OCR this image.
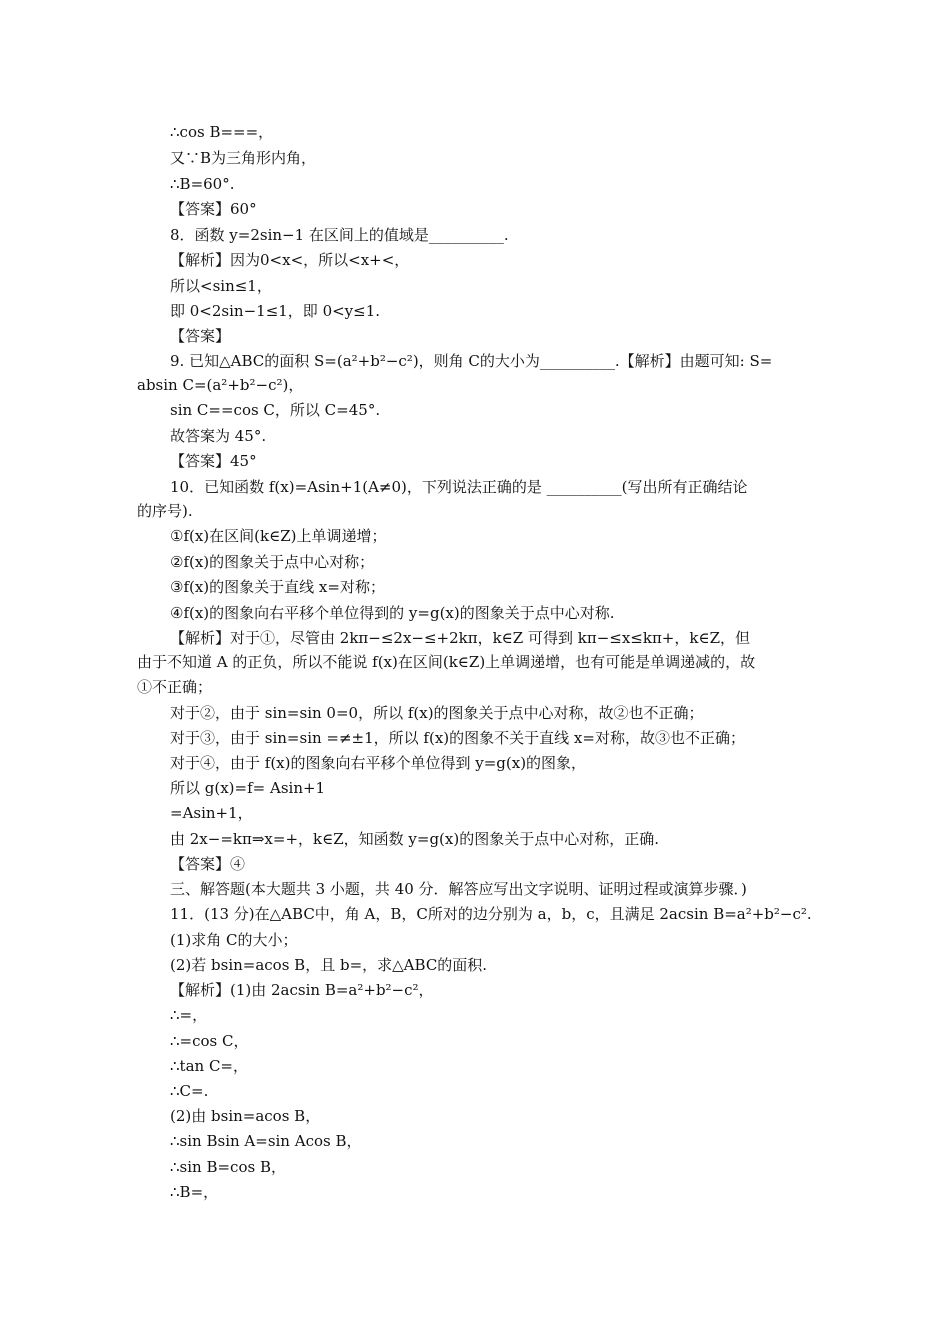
∴cos B===，
又∵B为三角形内角，
∴B=60°.
【答案】60°
8．函数 y=2sin−1 在区间上的值域是__________.
【解析】因为0<x<，所以<x+<，
所以<sin≤1，
即 0<2sin−1≤1，即 0<y≤1.
【答案】
9. 已知△ABC的面积 S=(a²+b²−c²)，则角 C的大小为__________.【解析】由题可知: S=
absin C=(a²+b²−c²)，
sin C==cos C，所以 C=45°.
故答案为 45°.
【答案】45°
10．已知函数 f(x)=Asin+1(A≠0)，下列说法正确的是 __________(写出所有正确结论
的序号).
①f(x)在区间(k∈Z)上单调递增；
②f(x)的图象关于点中心对称；
③f(x)的图象关于直线 x=对称；
④f(x)的图象向右平移个单位得到的 y=g(x)的图象关于点中心对称.
【解析】对于①，尽管由 2kπ−≤2x−≤+2kπ，k∈Z 可得到 kπ−≤x≤kπ+，k∈Z，但
由于不知道 A 的正负，所以不能说 f(x)在区间(k∈Z)上单调递增，也有可能是单调递减的，故
①不正确；
对于②，由于 sin=sin 0=0，所以 f(x)的图象关于点中心对称，故②也不正确；
对于③，由于 sin=sin =≠±1，所以 f(x)的图象不关于直线 x=对称，故③也不正确；
对于④，由于 f(x)的图象向右平移个单位得到 y=g(x)的图象，
所以 g(x)=f= Asin+1
=Asin+1，
由 2x−=kπ⇒x=+，k∈Z，知函数 y=g(x)的图象关于点中心对称，正确.
【答案】④
三、解答题(本大题共 3 小题，共 40 分．解答应写出文字说明、证明过程或演算步骤．)
11．(13 分)在△ABC中，角 A，B，C所对的边分别为 a，b，c，且满足 2acsin B=a²+b²−c².
(1)求角 C的大小；
(2)若 bsin=acos B，且 b=，求△ABC的面积.
【解析】(1)由 2acsin B=a²+b²−c²，
∴=，
∴=cos C，
∴tan C=，
∴C=.
(2)由 bsin=acos B，
∴sin Bsin A=sin Acos B，
∴sin B=cos B，
∴B=，
